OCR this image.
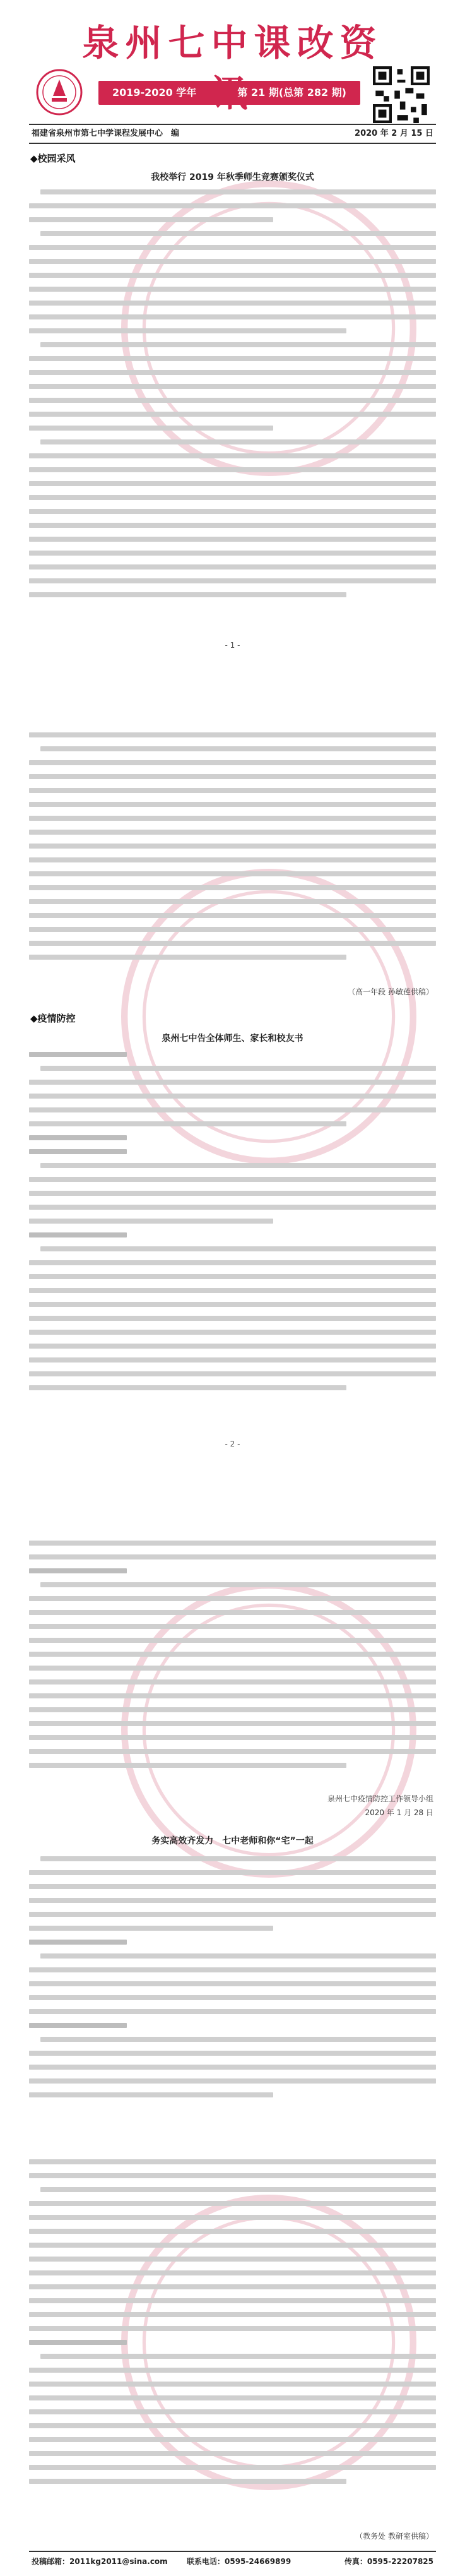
泉州七中课改资
2019-2020 学年	第 21 期(总第 282 期)
福建省泉州市第七中学课程发展中心　编	2020 年 2 月 15 日
◆校园采风
我校举行 2019 年秋季师生竞赛颁奖仪式
- 1 -
（高一年段 孙敏莲供稿）
◆疫情防控
泉州七中告全体师生、家长和校友书
- 2 -
泉州七中疫情防控工作领导小组
2020 年 1 月 28 日
务实高效齐发力　七中老师和你“宅”一起
（教务处 教研室供稿）
投稿邮箱：2011kg2011@sina.com	联系电话：0595-24669899	传真：0595-22207825
